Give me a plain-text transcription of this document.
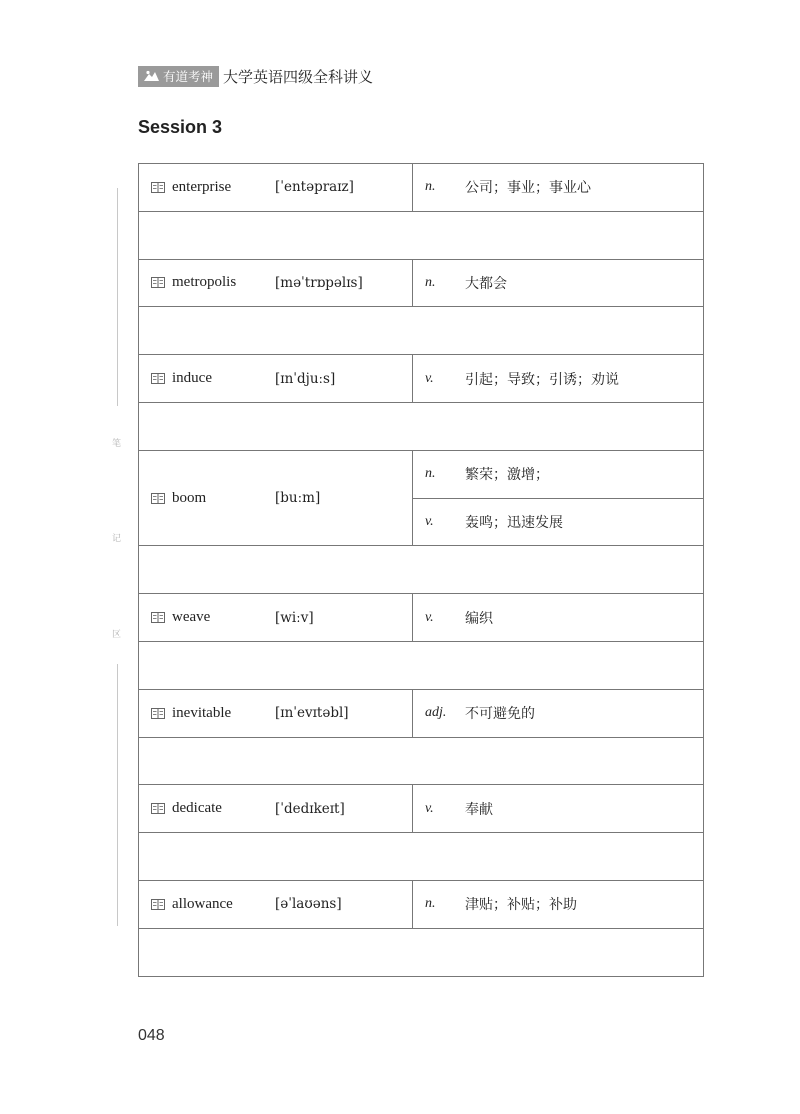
有道考神 大学英语四级全科讲义
Session 3
笔
记
区
enterprise [ˈentəpraɪz]	n. 公司；事业；事业心

metropolis [məˈtrɒpəlɪs]	n. 大都会

induce [ɪnˈdjuːs]	v. 引起；导致；引诱；劝说

boom [buːm]	n. 繁荣；激增；

	v. 轰鸣；迅速发展

weave [wiːv]	v. 编织

inevitable [ɪnˈevɪtəbl]	adj. 不可避免的

dedicate [ˈdedɪkeɪt]	v. 奉献

allowance [əˈlaʊəns]	n. 津贴；补贴；补助

048
